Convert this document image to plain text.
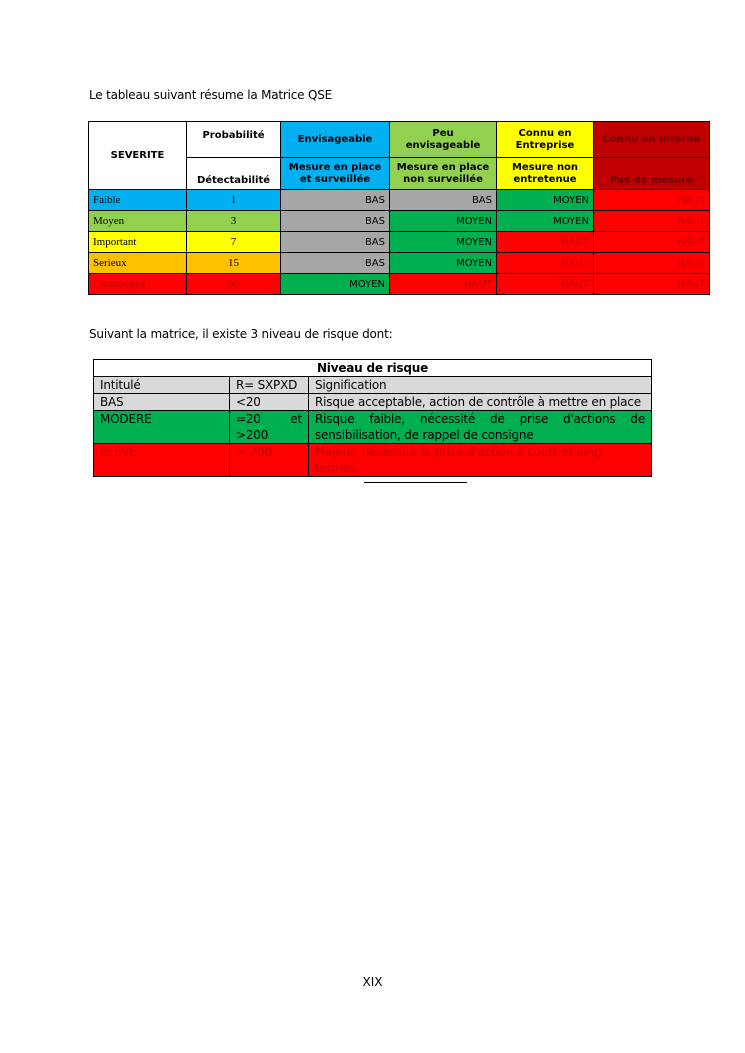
Le tableau suivant résume la Matrice QSE
SEVERITE	Probabilité	Envisageable	Peu envisageable	Connu en Entreprise	Connu en interne
	Détectabilité	Mesure en place et surveillée	Mesure en place non surveillée	Mesure non entretenue	Pas de mesure
Faible	1	BAS	BAS	MOYEN	HAUT
Moyen	3	BAS	MOYEN	MOYEN	HAUT
Important	7	BAS	MOYEN	HAUT	HAUT
Serieux	15	BAS	MOYEN	HAUT	HAUT
Catastrophe	30	MOYEN	HAUT	HAUT	HAUT
Suivant la matrice, il existe 3 niveau de risque dont:
Niveau de risque		
Intitulé	R= SXPXD	Signification
BAS	<20	Risque acceptable, action de contrôle à mettre en place
MODERE	=20 et >200	Risque faible, nécessité de prise d'actions de sensibilisation, de rappel de consigne
ELEVE	> 200	Majeur, nécessite la prise d'action à court et long termes.
XIX
